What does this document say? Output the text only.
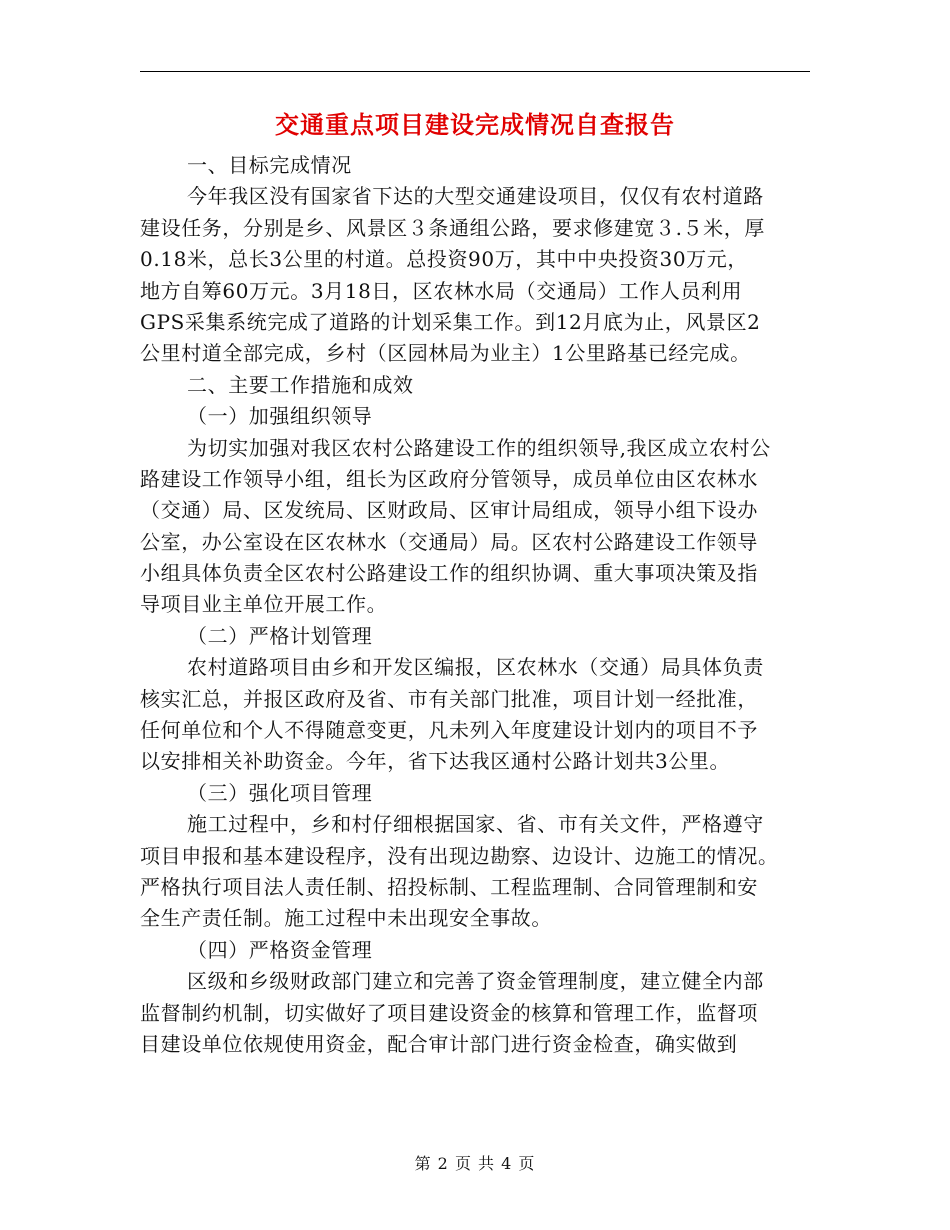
交通重点项目建设完成情况自查报告
一、目标完成情况
今年我区没有国家省下达的大型交通建设项目，仅仅有农村道路
建设任务，分别是乡、风景区３条通组公路，要求修建宽３.５米，厚
0.18米，总长3公里的村道。总投资90万，其中中央投资30万元，
地方自筹60万元。3月18日，区农林水局（交通局）工作人员利用
GPS采集系统完成了道路的计划采集工作。到12月底为止，风景区2
公里村道全部完成，乡村（区园林局为业主）1公里路基已经完成。
二、主要工作措施和成效
（一）加强组织领导
为切实加强对我区农村公路建设工作的组织领导,我区成立农村公
路建设工作领导小组，组长为区政府分管领导，成员单位由区农林水
（交通）局、区发统局、区财政局、区审计局组成，领导小组下设办
公室，办公室设在区农林水（交通局）局。区农村公路建设工作领导
小组具体负责全区农村公路建设工作的组织协调、重大事项决策及指
导项目业主单位开展工作。
（二）严格计划管理
农村道路项目由乡和开发区编报，区农林水（交通）局具体负责
核实汇总，并报区政府及省、市有关部门批准，项目计划一经批准，
任何单位和个人不得随意变更，凡未列入年度建设计划内的项目不予
以安排相关补助资金。今年，省下达我区通村公路计划共3公里。
（三）强化项目管理
施工过程中，乡和村仔细根据国家、省、市有关文件，严格遵守
项目申报和基本建设程序，没有出现边勘察、边设计、边施工的情况。
严格执行项目法人责任制、招投标制、工程监理制、合同管理制和安
全生产责任制。施工过程中未出现安全事故。
（四）严格资金管理
区级和乡级财政部门建立和完善了资金管理制度，建立健全内部
监督制约机制，切实做好了项目建设资金的核算和管理工作，监督项
目建设单位依规使用资金，配合审计部门进行资金检查，确实做到
第 2 页 共 4 页
